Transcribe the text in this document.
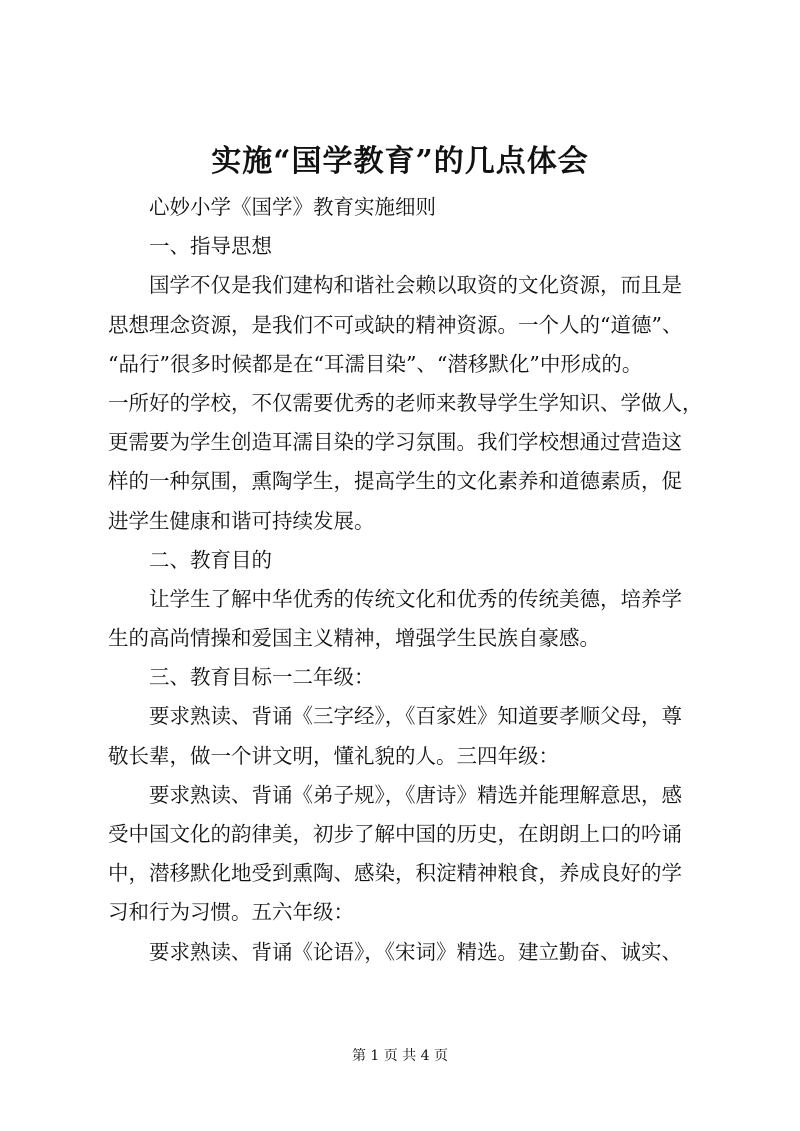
实施“国学教育”的几点体会
心妙小学《国学》教育实施细则
一、指导思想
国学不仅是我们建构和谐社会赖以取资的文化资源，而且是
思想理念资源，是我们不可或缺的精神资源。一个人的“道德”、
“品行”很多时候都是在“耳濡目染”、“潜移默化”中形成的。
一所好的学校，不仅需要优秀的老师来教导学生学知识、学做人，
更需要为学生创造耳濡目染的学习氛围。我们学校想通过营造这
样的一种氛围，熏陶学生，提高学生的文化素养和道德素质，促
进学生健康和谐可持续发展。
二、教育目的
让学生了解中华优秀的传统文化和优秀的传统美德，培养学
生的高尚情操和爱国主义精神，增强学生民族自豪感。
三、教育目标一二年级：
要求熟读、背诵《三字经》，《百家姓》知道要孝顺父母，尊
敬长辈，做一个讲文明，懂礼貌的人。三四年级：
要求熟读、背诵《弟子规》，《唐诗》精选并能理解意思，感
受中国文化的韵律美，初步了解中国的历史，在朗朗上口的吟诵
中，潜移默化地受到熏陶、感染，积淀精神粮食，养成良好的学
习和行为习惯。五六年级：
要求熟读、背诵《论语》，《宋词》精选。建立勤奋、诚实、
第 1 页 共 4 页
